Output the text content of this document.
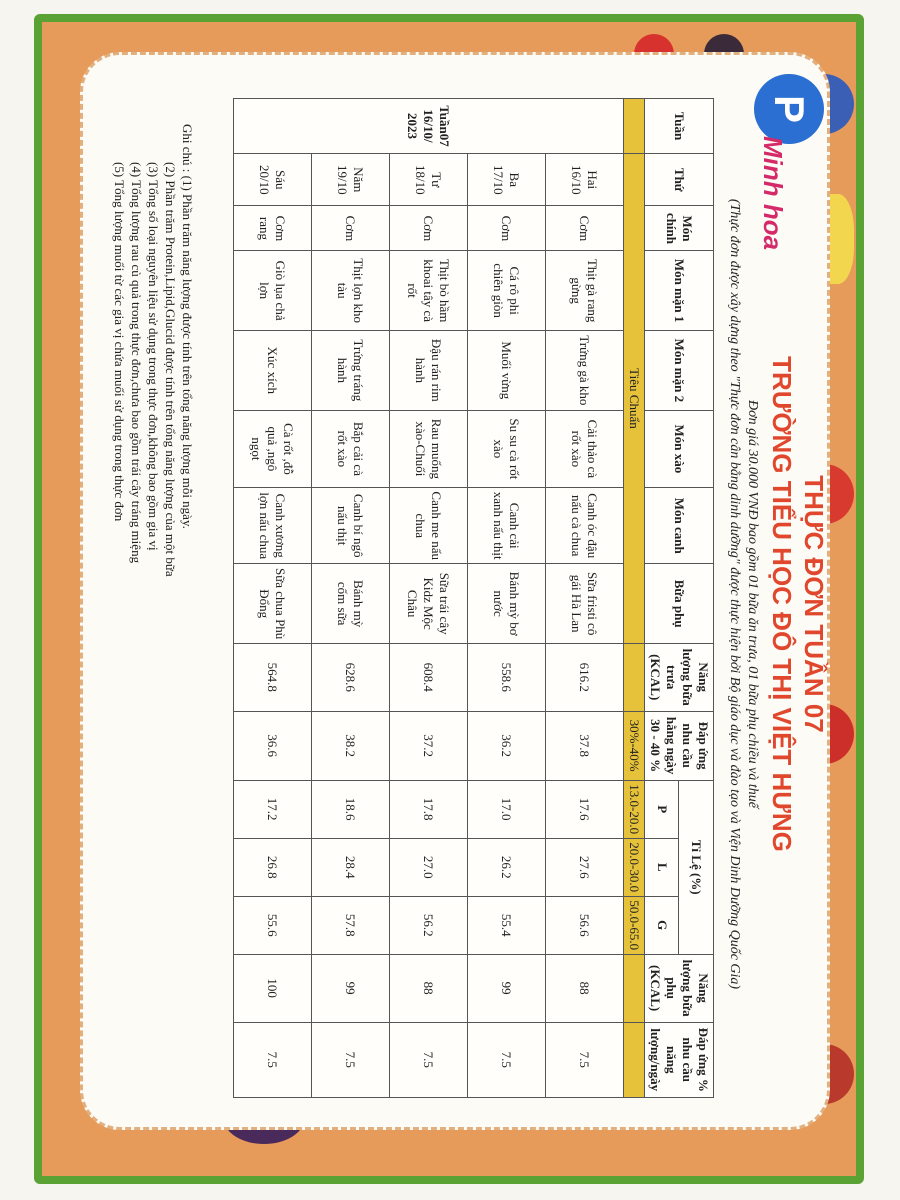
P
Minh hoa
THỰC ĐƠN TUẦN 07
TRƯỜNG TIỂU HỌC ĐÔ THỊ VIỆT HƯNG
Đơn giá 30.000 VNĐ bao gồm 01 bữa ăn trưa, 01 bữa phụ chiều và thuế
(Thực đơn được xây dựng theo "Thực đơn cân bằng dinh dưỡng" được thực hiện bởi Bộ giáo dục và đào tạo và Viện Dinh Dưỡng Quốc Gia)
Tuần	Thứ	Món chính	Món mặn 1	Món mặn 2	Món xào	Món canh	Bữa phụ	Năng lượng bữa trưa (KCAL)	Đáp ứng nhu cầu hằng ngày 30 - 40 %	Tỉ Lệ (%)			Năng lượng bữa phụ (KCAL)	Đáp ứng % nhu cầu năng lượng/ngày
										P	L	G		
	Tiêu Chuẩn								30%-40%	13.0-20.0	20.0-30.0	50.0-65.0		
Tuần07 16/10/ 2023	Hai 16/10	Cơm	Thịt gà rang gừng	Trứng gà kho	Cải thảo cà rốt xào	Canh óc đậu nấu cà chua	Sữa fristi cô gái Hà Lan	616.2	37.8	17.6	27.6	56.6	88	7.5
	Ba 17/10	Cơm	Cá rô phi chiên giòn	Muối vừng	Su su cà rốt xào	Canh cải xanh nấu thịt	Bánh mỳ bơ nước	558.6	36.2	17.0	26.2	55.4	99	7.5
	Tư 18/10	Cơm	Thịt bò hầm khoai tây cà rốt	Đậu rán rim hành	Rau muống xào-Chuối	Canh me nấu chua	Sữa trái cây Kidz Mộc Châu	608.4	37.2	17.8	27.0	56.2	88	7.5
	Năm 19/10	Cơm	Thịt lợn kho tàu	Trứng tráng hành	Bắp cải cà rốt xào	Canh bí ngô nấu thịt	Bánh mỳ cốm sữa	628.6	38.2	18.6	28.4	57.8	99	7.5
	Sáu 20/10	Cơm rang	Giò lụa chả lợn	Xúc xích	Cà rốt ,đỗ quả ,ngô ngọt	Canh xương lợn nấu chua	Sữa chua Phù Đổng	564.8	36.6	17.2	26.8	55.6	100	7.5
Ghi chú : (1) Phần trăm năng lượng được tính trên tổng năng lượng mỗi ngày.
(2) Phần trăm Protein,Lipid,Glucid được tính trên tổng năng lượng của một bữa
(3) Tổng số loại nguyên liệu sử dụng trong thực đơn,không bao gồm gia vị
(4) Tổng lượng rau củ quả trong thực đơn,chưa bao gồm trái cây tráng miệng
(5) Tổng lượng muối từ các gia vị chứa muối sử dụng trong thực đơn
